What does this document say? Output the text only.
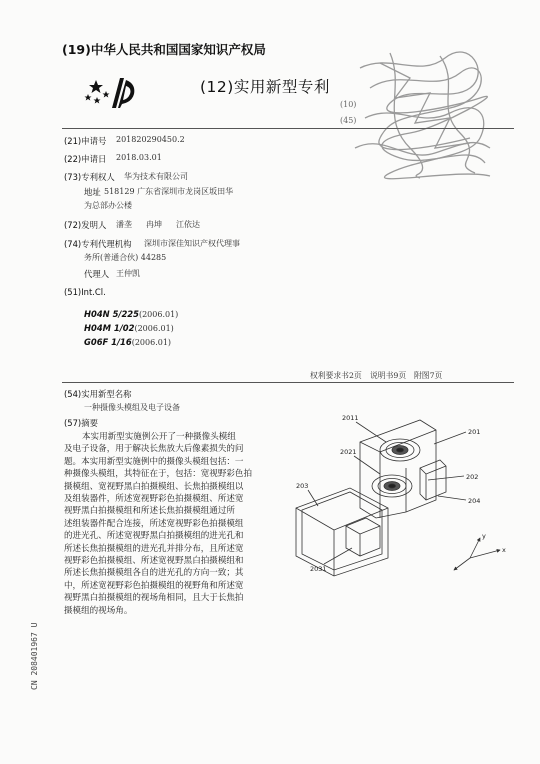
(19)中华人民共和国国家知识产权局
(12)实用新型专利
(10)
(45)
(21)申请号 201820290450.2
(22)申请日 2018.03.01
(73)专利权人 华为技术有限公司
地址 518129 广东省深圳市龙岗区坂田华
为总部办公楼
(72)发明人 潘垄 冉坤 江依达
(74)专利代理机构 深圳市深佳知识产权代理事
务所(普通合伙) 44285
代理人 王仲凯
(51)Int.Cl.
H04N 5/225(2006.01)
H04M 1/02(2006.01)
G06F 1/16(2006.01)
权利要求书2页 说明书9页 附图7页
(54)实用新型名称
一种摄像头模组及电子设备
(57)摘要
本实用新型实施例公开了一种摄像头模组
及电子设备，用于解决长焦放大后像素损失的问
题。本实用新型实施例中的摄像头模组包括：一
种摄像头模组，其特征在于，包括：宽视野彩色拍
摄模组、宽视野黑白拍摄模组、长焦拍摄模组以
及组装器件，所述宽视野彩色拍摄模组、所述宽
视野黑白拍摄模组和所述长焦拍摄模组通过所
述组装器件配合连接，所述宽视野彩色拍摄模组
的进光孔、所述宽视野黑白拍摄模组的进光孔和
所述长焦拍摄模组的进光孔并排分布，且所述宽
视野彩色拍摄模组、所述宽视野黑白拍摄模组和
所述长焦拍摄模组各自的进光孔的方向一致；其
中，所述宽视野彩色拍摄模组的视野角和所述宽
视野黑白拍摄模组的视场角相同，且大于长焦拍
摄模组的视场角。
2011
201
2021
202
203
204
2031
x
y
CN 208401967 U
